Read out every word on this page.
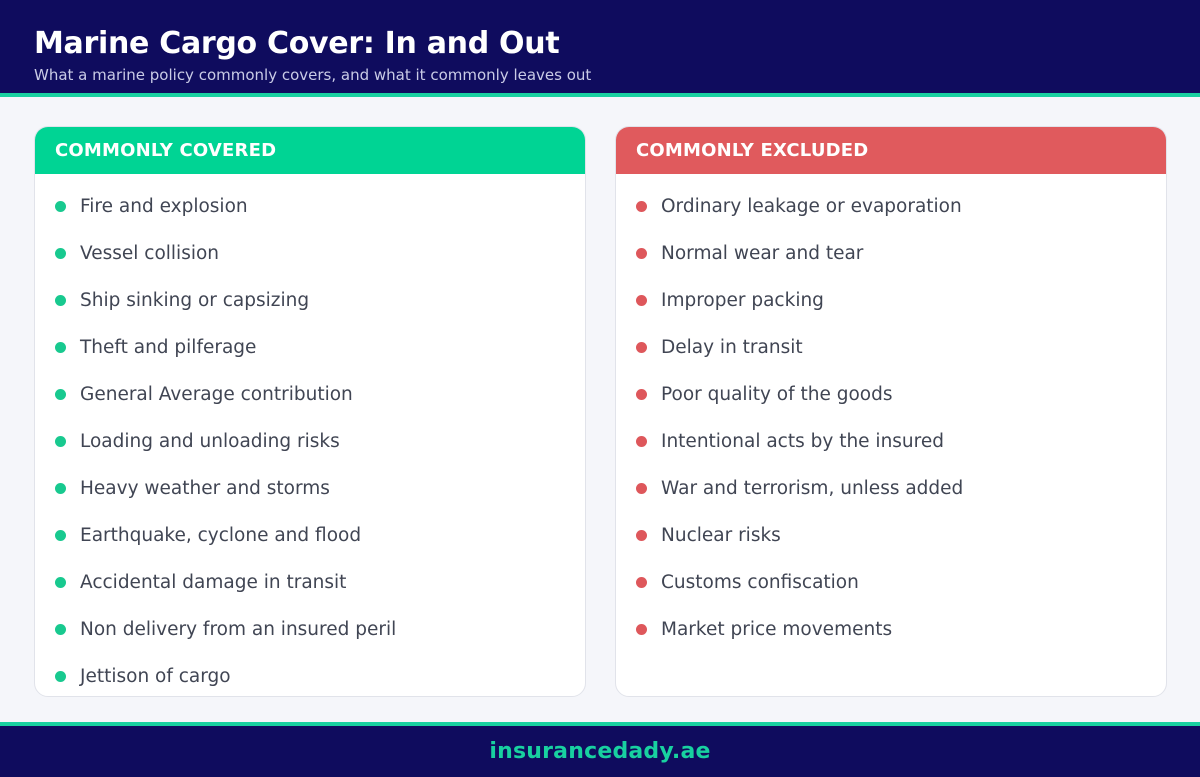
Marine Cargo Cover: In and Out
What a marine policy commonly covers, and what it commonly leaves out
COMMONLY COVERED
Fire and explosion
Vessel collision
Ship sinking or capsizing
Theft and pilferage
General Average contribution
Loading and unloading risks
Heavy weather and storms
Earthquake, cyclone and flood
Accidental damage in transit
Non delivery from an insured peril
Jettison of cargo
COMMONLY EXCLUDED
Ordinary leakage or evaporation
Normal wear and tear
Improper packing
Delay in transit
Poor quality of the goods
Intentional acts by the insured
War and terrorism, unless added
Nuclear risks
Customs confiscation
Market price movements
insurancedady.ae
